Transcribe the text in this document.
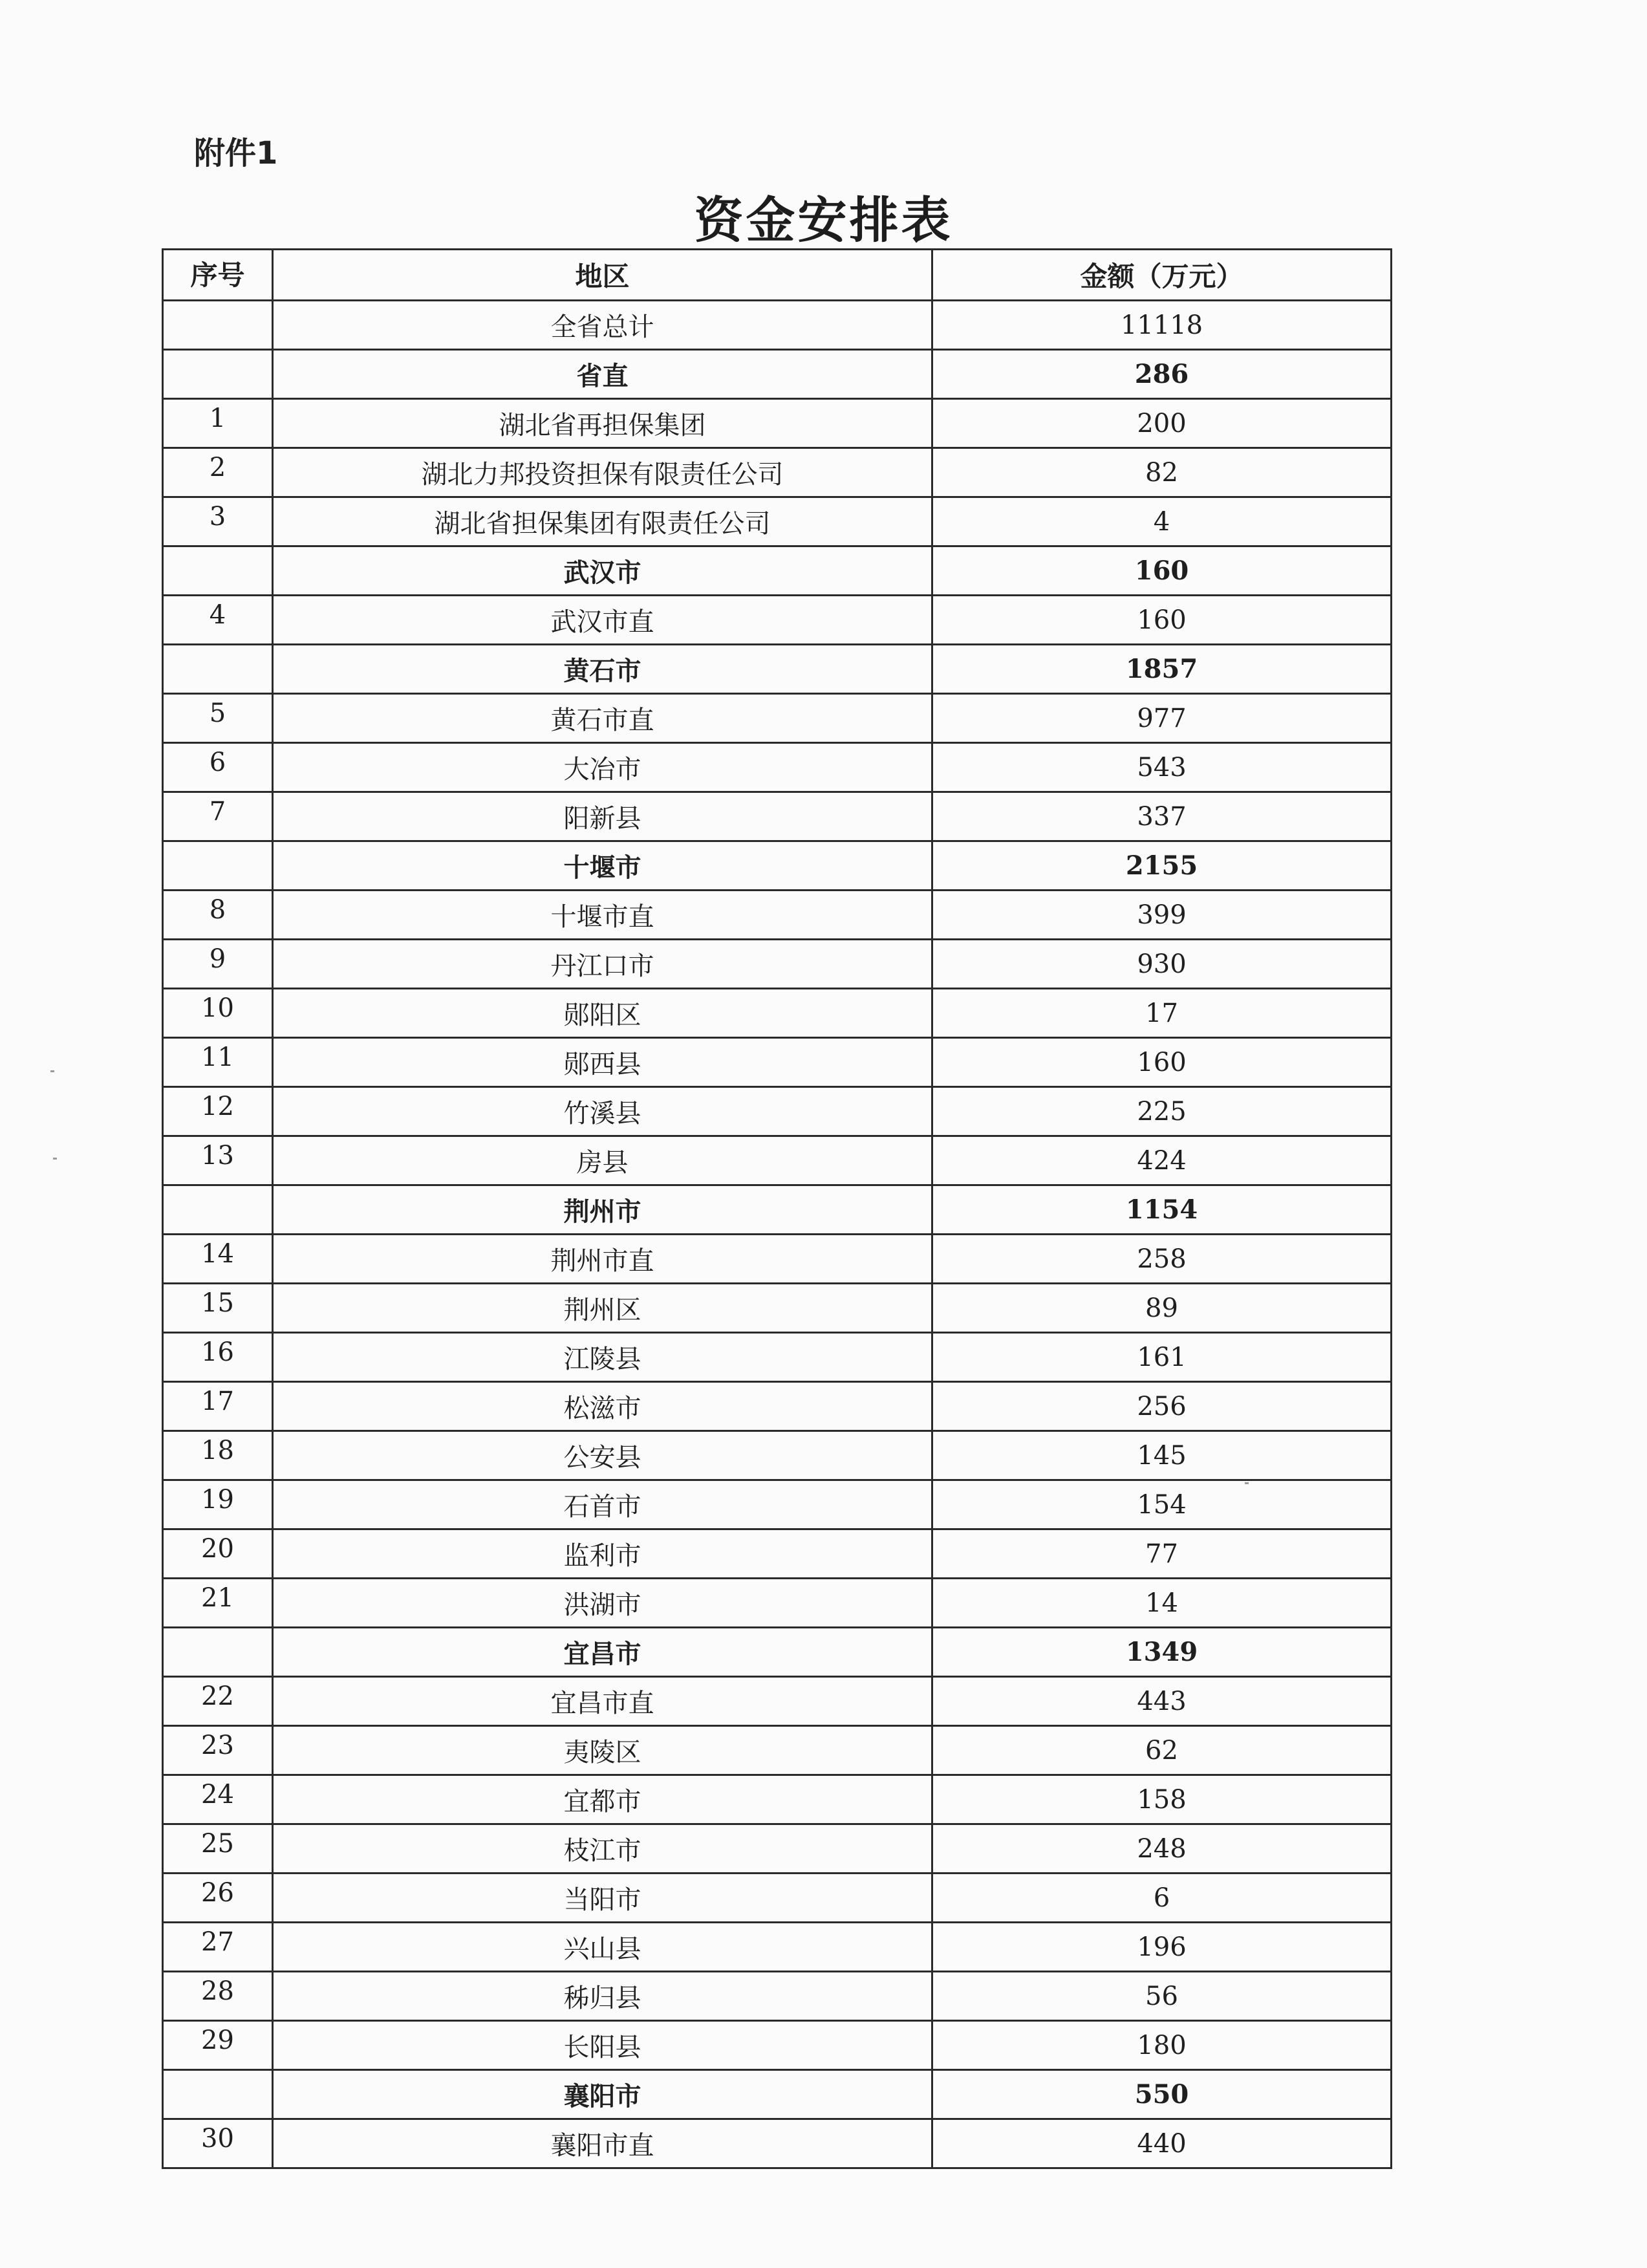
附件1
资金安排表
序号	地区	金额（万元）
	全省总计	11118
	省直	286
1	湖北省再担保集团	200
2	湖北力邦投资担保有限责任公司	82
3	湖北省担保集团有限责任公司	4
	武汉市	160
4	武汉市直	160
	黄石市	1857
5	黄石市直	977
6	大冶市	543
7	阳新县	337
	十堰市	2155
8	十堰市直	399
9	丹江口市	930
10	郧阳区	17
11	郧西县	160
12	竹溪县	225
13	房县	424
	荆州市	1154
14	荆州市直	258
15	荆州区	89
16	江陵县	161
17	松滋市	256
18	公安县	145
19	石首市	154
20	监利市	77
21	洪湖市	14
	宜昌市	1349
22	宜昌市直	443
23	夷陵区	62
24	宜都市	158
25	枝江市	248
26	当阳市	6
27	兴山县	196
28	秭归县	56
29	长阳县	180
	襄阳市	550
30	襄阳市直	440
